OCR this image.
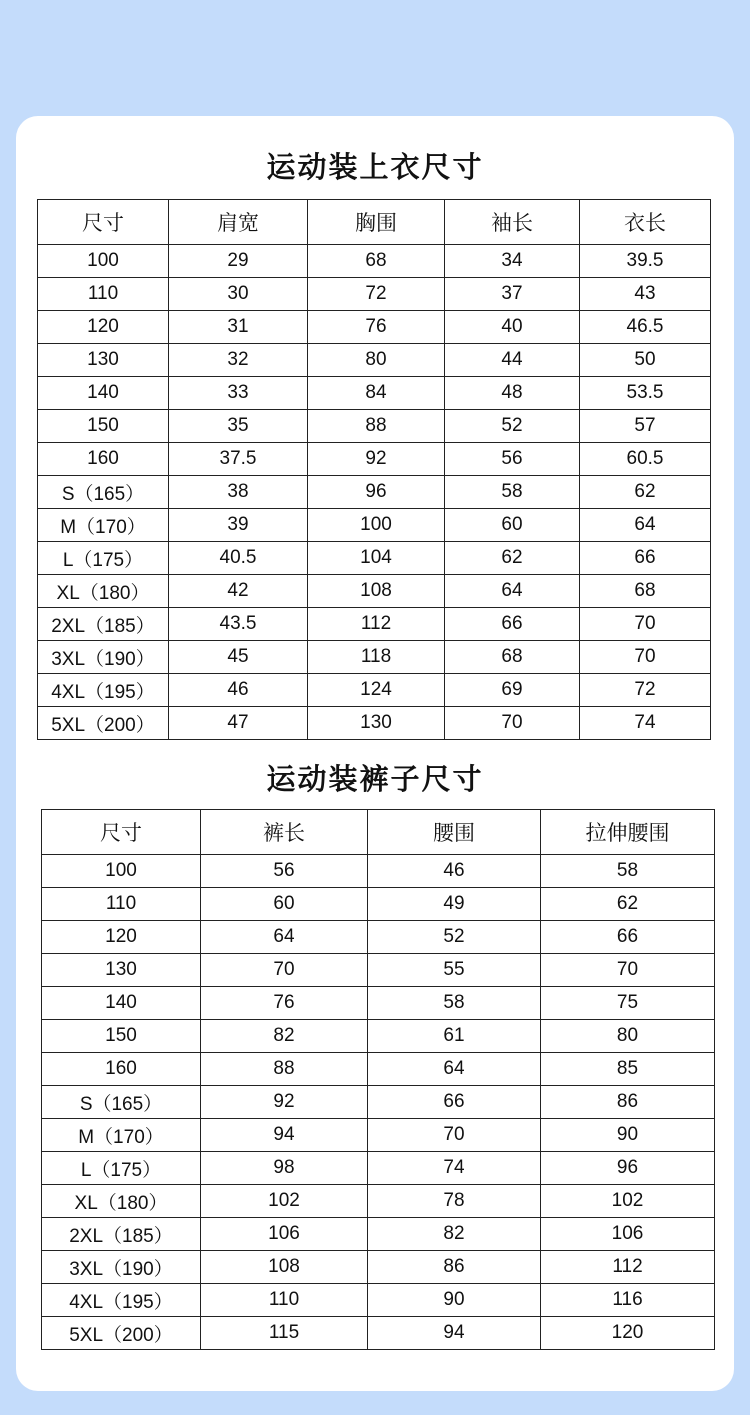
运动装上衣尺寸
尺寸	肩宽	胸围	袖长	衣长
100	29	68	34	39.5
110	30	72	37	43
120	31	76	40	46.5
130	32	80	44	50
140	33	84	48	53.5
150	35	88	52	57
160	37.5	92	56	60.5
S（165）	38	96	58	62
M（170）	39	100	60	64
L（175）	40.5	104	62	66
XL（180）	42	108	64	68
2XL（185）	43.5	112	66	70
3XL（190）	45	118	68	70
4XL（195）	46	124	69	72
5XL（200）	47	130	70	74
运动装裤子尺寸
尺寸	裤长	腰围	拉伸腰围
100	56	46	58
110	60	49	62
120	64	52	66
130	70	55	70
140	76	58	75
150	82	61	80
160	88	64	85
S（165）	92	66	86
M（170）	94	70	90
L（175）	98	74	96
XL（180）	102	78	102
2XL（185）	106	82	106
3XL（190）	108	86	112
4XL（195）	110	90	116
5XL（200）	115	94	120
